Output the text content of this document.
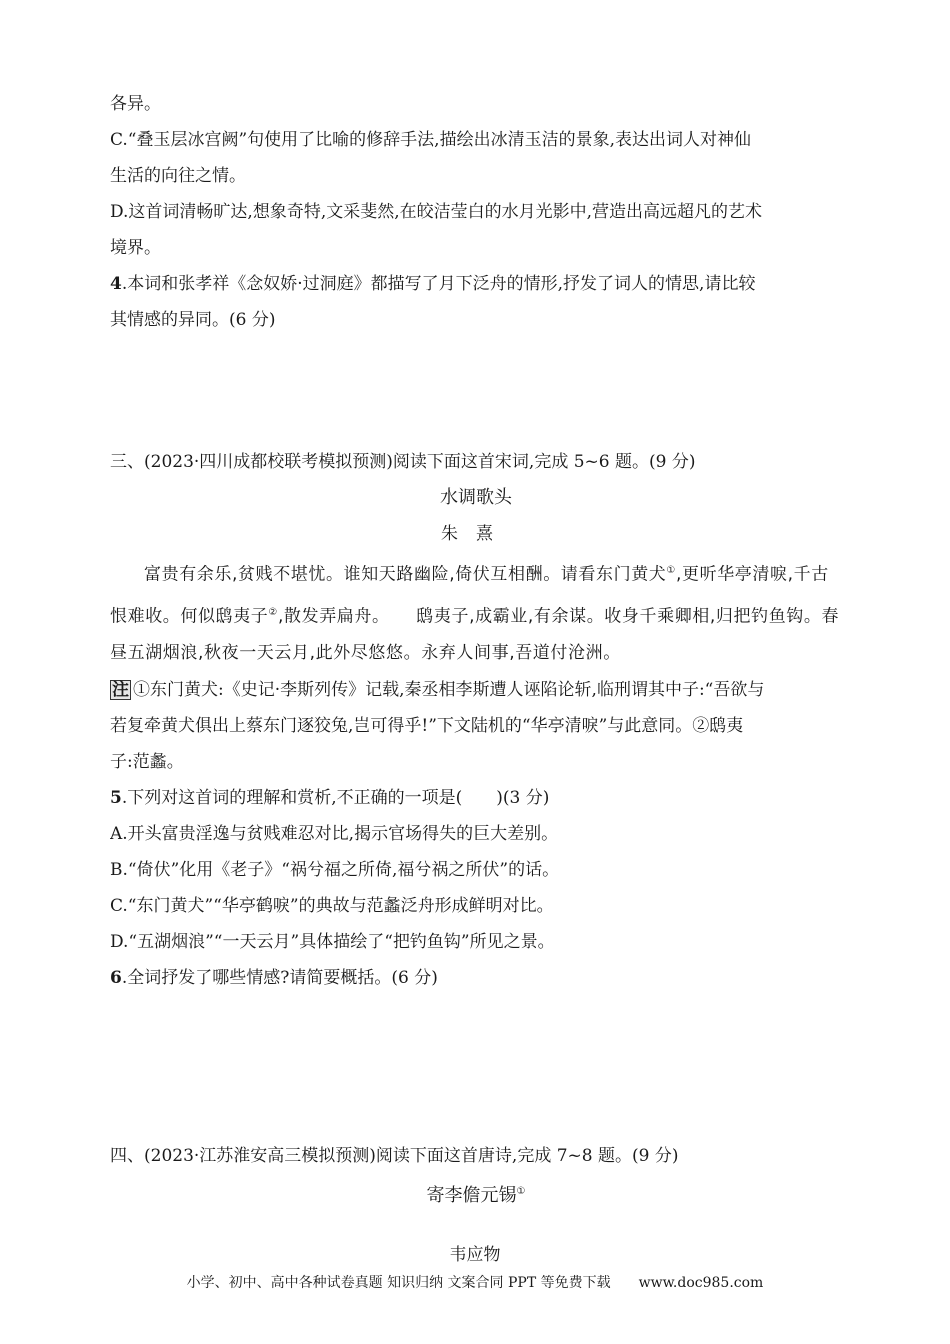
各异。
C.“叠玉层冰宫阙”句使用了比喻的修辞手法,描绘出冰清玉洁的景象,表达出词人对神仙
生活的向往之情。
D.这首词清畅旷达,想象奇特,文采斐然,在皎洁莹白的水月光影中,营造出高远超凡的艺术
境界。
4.本词和张孝祥《念奴娇·过洞庭》都描写了月下泛舟的情形,抒发了词人的情思,请比较
其情感的异同。(6 分)
三、(2023·四川成都校联考模拟预测)阅读下面这首宋词,完成 5~6 题。(9 分)
水调歌头
朱熹
富贵有余乐,贫贱不堪忧。谁知天路幽险,倚伏互相酬。请看东门黄犬①,更听华亭清唳,千古恨难收。何似鸱夷子②,散发弄扁舟。　　鸱夷子,成霸业,有余谋。收身千乘卿相,归把钓鱼钩。春昼五湖烟浪,秋夜一天云月,此外尽悠悠。永弃人间事,吾道付沧洲。
注 ①东门黄犬:《史记·李斯列传》记载,秦丞相李斯遭人诬陷论斩,临刑谓其中子:“吾欲与
若复牵黄犬俱出上蔡东门逐狡兔,岂可得乎!”下文陆机的“华亭清唳”与此意同。②鸱夷
子:范蠡。
5.下列对这首词的理解和赏析,不正确的一项是(　　)(3 分)
A.开头富贵淫逸与贫贱难忍对比,揭示官场得失的巨大差别。
B.“倚伏”化用《老子》“祸兮福之所倚,福兮祸之所伏”的话。
C.“东门黄犬”“华亭鹤唳”的典故与范蠡泛舟形成鲜明对比。
D.“五湖烟浪”“一天云月”具体描绘了“把钓鱼钩”所见之景。
6.全词抒发了哪些情感?请简要概括。(6 分)
四、(2023·江苏淮安高三模拟预测)阅读下面这首唐诗,完成 7~8 题。(9 分)
寄李儋元锡①
韦应物
小学、初中、高中各种试卷真题 知识归纳 文案合同 PPT 等免费下载　　www.doc985.com
